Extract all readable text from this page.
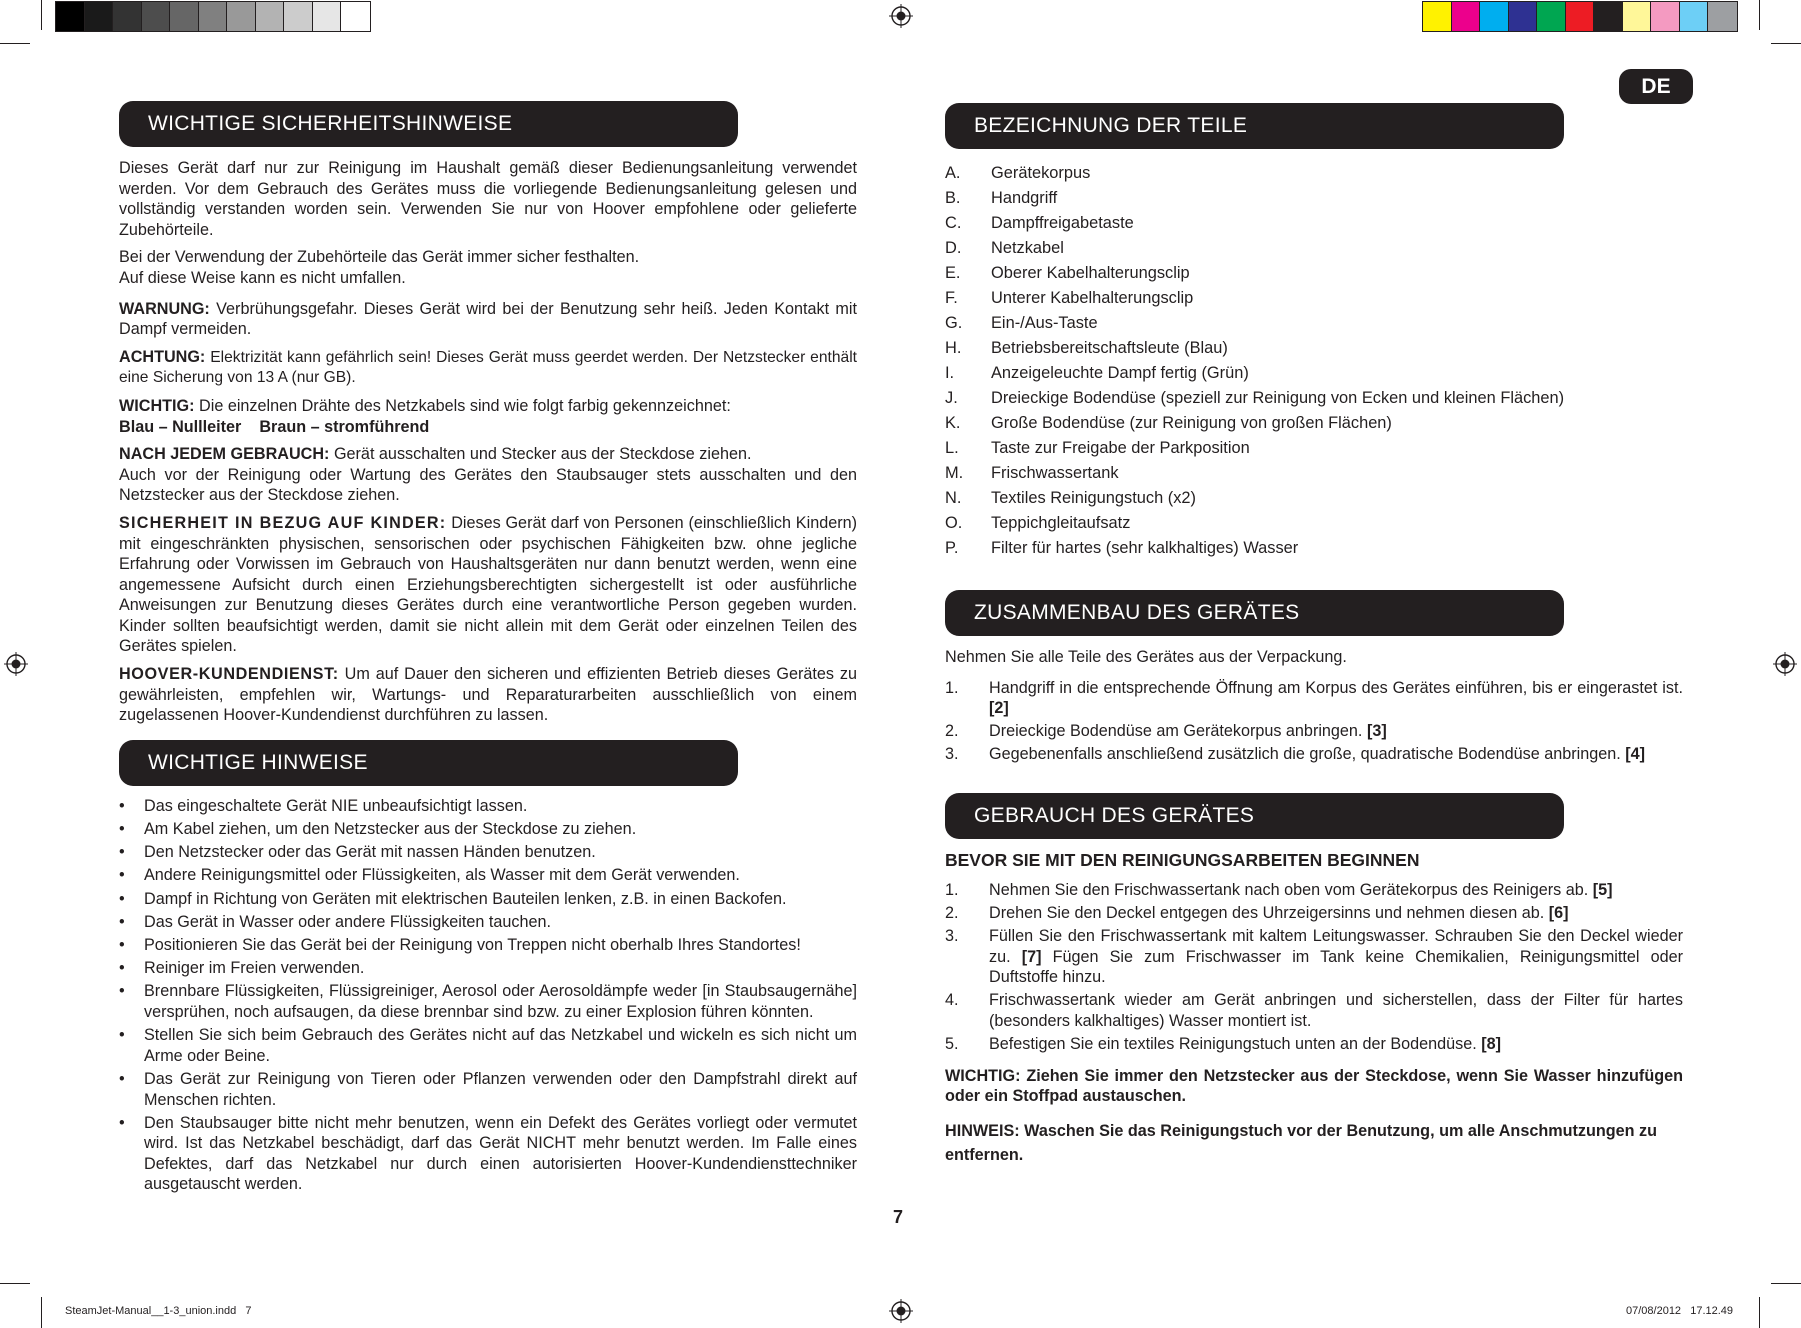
SteamJet-Manual__1-3_union.indd   7	07/08/2012   17.12.49
DE
7
WICHTIGE SICHERHEITSHINWEISE

Dieses Gerät darf nur zur Reinigung im Haushalt gemäß dieser Bedienungsanleitung verwendet werden. Vor dem Gebrauch des Gerätes muss die vorliegende Bedienungsanleitung gelesen und vollständig verstanden worden sein. Verwenden Sie nur von Hoover empfohlene oder gelieferte Zubehörteile.

Bei der Verwendung der Zubehörteile das Gerät immer sicher festhalten.

Auf diese Weise kann es nicht umfallen.

WARNUNG: Verbrühungsgefahr. Dieses Gerät wird bei der Benutzung sehr heiß. Jeden Kontakt mit Dampf vermeiden.

ACHTUNG: Elektrizität kann gefährlich sein! Dieses Gerät muss geerdet werden. Der Netzstecker enthält eine Sicherung von 13 A (nur GB).

WICHTIG: Die einzelnen Drähte des Netzkabels sind wie folgt farbig gekennzeichnet:

Blau – Nullleiter    Braun – stromführend

NACH JEDEM GEBRAUCH: Gerät ausschalten und Stecker aus der Steckdose ziehen.

Auch vor der Reinigung oder Wartung des Gerätes den Staubsauger stets ausschalten und den Netzstecker aus der Steckdose ziehen.

SICHERHEIT IN BEZUG AUF KINDER: Dieses Gerät darf von Personen (einschließlich Kindern) mit eingeschränkten physischen, sensorischen oder psychischen Fähigkeiten bzw. ohne jegliche Erfahrung oder Vorwissen im Gebrauch von Haushaltsgeräten nur dann benutzt werden, wenn eine angemessene Aufsicht durch einen Erziehungsberechtigten sichergestellt ist oder ausführliche Anweisungen zur Benutzung dieses Gerätes durch eine verantwortliche Person gegeben wurden. Kinder sollten beaufsichtigt werden, damit sie nicht allein mit dem Gerät oder einzelnen Teilen des Gerätes spielen.

HOOVER-KUNDENDIENST: Um auf Dauer den sicheren und effizienten Betrieb dieses Gerätes zu gewährleisten, empfehlen wir, Wartungs- und Reparaturarbeiten ausschließlich von einem zugelassenen Hoover-Kundendienst durchführen zu lassen.

WICHTIGE HINWEISE
• Das eingeschaltete Gerät NIE unbeaufsichtigt lassen.
• Am Kabel ziehen, um den Netzstecker aus der Steckdose zu ziehen.
• Den Netzstecker oder das Gerät mit nassen Händen benutzen.
• Andere Reinigungsmittel oder Flüssigkeiten, als Wasser mit dem Gerät verwenden.
• Dampf in Richtung von Geräten mit elektrischen Bauteilen lenken, z.B. in einen Backofen.
• Das Gerät in Wasser oder andere Flüssigkeiten tauchen.
• Positionieren Sie das Gerät bei der Reinigung von Treppen nicht oberhalb Ihres Standortes!
• Reiniger im Freien verwenden.
• Brennbare Flüssigkeiten, Flüssigreiniger, Aerosol oder Aerosoldämpfe weder [in Staubsaugernähe] versprühen, noch aufsaugen, da diese brennbar sind bzw. zu einer Explosion führen könnten.
• Stellen Sie sich beim Gebrauch des Gerätes nicht auf das Netzkabel und wickeln es sich nicht um Arme oder Beine.
• Das Gerät zur Reinigung von Tieren oder Pflanzen verwenden oder den Dampfstrahl direkt auf Menschen richten.
• Den Staubsauger bitte nicht mehr benutzen, wenn ein Defekt des Gerätes vorliegt oder vermutet wird. Ist das Netzkabel beschädigt, darf das Gerät NICHT mehr benutzt werden. Im Falle eines Defektes, darf das Netzkabel nur durch einen autorisierten Hoover-Kundendiensttechniker ausgetauscht werden.
BEZEICHNUNG DER TEILE
A.	Gerätekorpus
B.	Handgriff
C.	Dampffreigabetaste
D.	Netzkabel
E.	Oberer Kabelhalterungsclip
F.	Unterer Kabelhalterungsclip
G.	Ein-/Aus-Taste
H.	Betriebsbereitschaftsleute (Blau)
I.	Anzeigeleuchte Dampf fertig (Grün)
J.	Dreieckige Bodendüse (speziell zur Reinigung von Ecken und kleinen Flächen)
K.	Große Bodendüse (zur Reinigung von großen Flächen)
L.	Taste zur Freigabe der Parkposition
M.	Frischwassertank
N.	Textiles Reinigungstuch (x2)
O.	Teppichgleitaufsatz
P.	Filter für hartes (sehr kalkhaltiges) Wasser
ZUSAMMENBAU DES GERÄTES

Nehmen Sie alle Teile des Gerätes aus der Verpackung.

1.	Handgriff in die entsprechende Öffnung am Korpus des Gerätes einführen, bis er eingerastet ist. [2]
2.	Dreieckige Bodendüse am Gerätekorpus anbringen. [3]
3.	Gegebenenfalls anschließend zusätzlich die große, quadratische Bodendüse anbringen. [4]
GEBRAUCH DES GERÄTES
BEVOR SIE MIT DEN REINIGUNGSARBEITEN BEGINNEN
1.	Nehmen Sie den Frischwassertank nach oben vom Gerätekorpus des Reinigers ab. [5]
2.	Drehen Sie den Deckel entgegen des Uhrzeigersinns und nehmen diesen ab. [6]
3.	Füllen Sie den Frischwassertank mit kaltem Leitungswasser. Schrauben Sie den Deckel wieder zu. [7] Fügen Sie zum Frischwasser im Tank keine Chemikalien, Reinigungsmittel oder Duftstoffe hinzu.
4.	Frischwassertank wieder am Gerät anbringen und sicherstellen, dass der Filter für hartes (besonders kalkhaltiges) Wasser montiert ist.
5.	Befestigen Sie ein textiles Reinigungstuch unten an der Bodendüse. [8]

WICHTIG: Ziehen Sie immer den Netzstecker aus der Steckdose, wenn Sie Wasser hinzufügen oder ein Stoffpad austauschen.

HINWEIS: Waschen Sie das Reinigungstuch vor der Benutzung, um alle Anschmutzungen zu entfernen.
